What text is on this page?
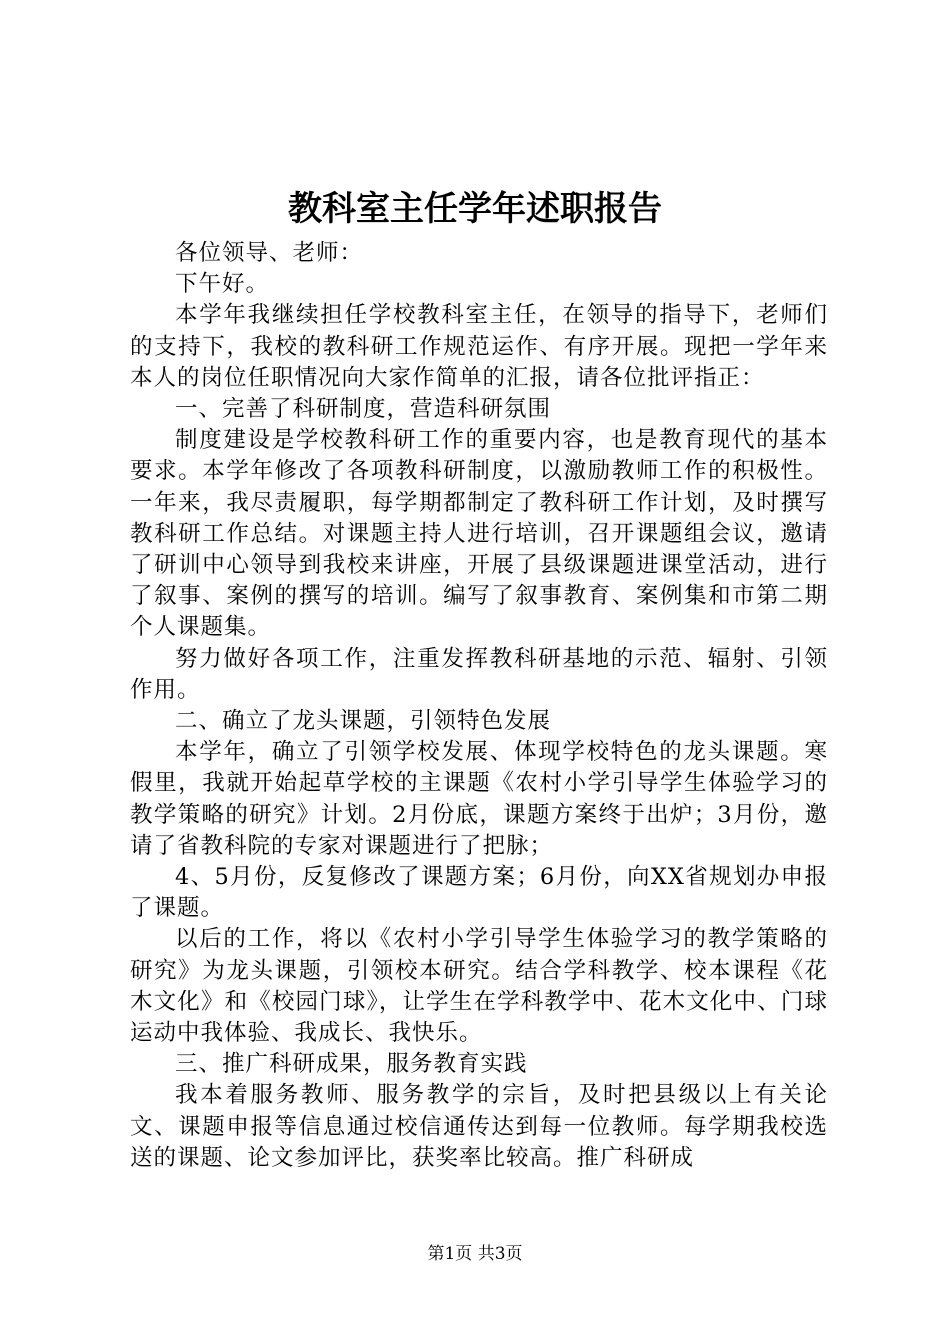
教科室主任学年述职报告

各位领导、老师：

下午好。

本学年我继续担任学校教科室主任，在领导的指导下，老师们的支持下，我校的教科研工作规范运作、有序开展。现把一学年来本人的岗位任职情况向大家作简单的汇报，请各位批评指正：

一、完善了科研制度，营造科研氛围

制度建设是学校教科研工作的重要内容，也是教育现代的基本要求。本学年修改了各项教科研制度，以激励教师工作的积极性。一年来，我尽责履职，每学期都制定了教科研工作计划，及时撰写教科研工作总结。对课题主持人进行培训，召开课题组会议，邀请了研训中心领导到我校来讲座，开展了县级课题进课堂活动，进行了叙事、案例的撰写的培训。编写了叙事教育、案例集和市第二期个人课题集。

努力做好各项工作，注重发挥教科研基地的示范、辐射、引领作用。

二、确立了龙头课题，引领特色发展

本学年，确立了引领学校发展、体现学校特色的龙头课题。寒假里，我就开始起草学校的主课题《农村小学引导学生体验学习的教学策略的研究》计划。2月份底，课题方案终于出炉；3月份，邀请了省教科院的专家对课题进行了把脉；

4、5月份，反复修改了课题方案；6月份，向XX省规划办申报了课题。

以后的工作，将以《农村小学引导学生体验学习的教学策略的研究》为龙头课题，引领校本研究。结合学科教学、校本课程《花木文化》和《校园门球》，让学生在学科教学中、花木文化中、门球运动中我体验、我成长、我快乐。

三、推广科研成果，服务教育实践

我本着服务教师、服务教学的宗旨，及时把县级以上有关论文、课题申报等信息通过校信通传达到每一位教师。每学期我校选送的课题、论文参加评比，获奖率比较高。推广科研成

第1页 共3页
